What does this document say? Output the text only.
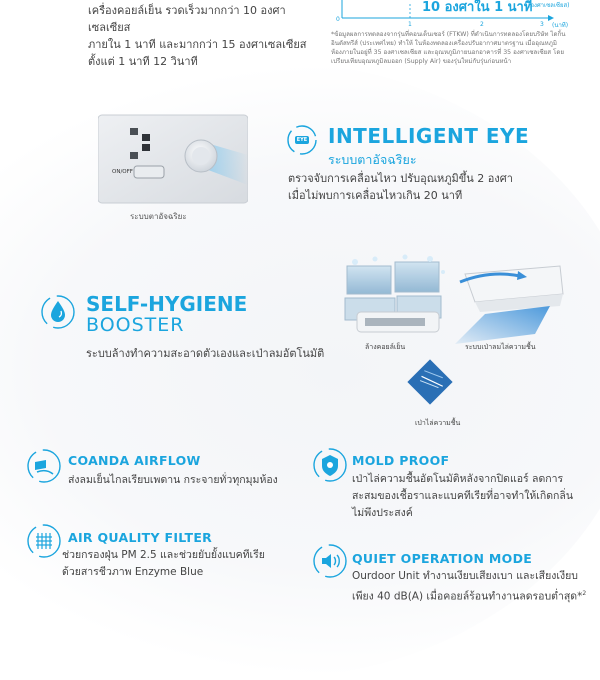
เครื่องคอยล์เย็น รวดเร็วมากกว่า 10 องศาเซลเซียส
ภายใน 1 นาที และมากกว่า 15 องศาเซลเซียส
ตั้งแต่ 1 นาที 12 วินาที
0
1	2	3
10 องศาใน 1 นาที
(องศาเซลเซียส)
(นาที)
*ข้อมูลผลการทดลองจากรุ่นที่คอนเด็นเซอร์ (FTKW) ที่ดำเนินการทดลองโดยบริษัท ไดกิ้น อินดัสทรีส์ (ประเทศไทย) ทำให้ ในห้องทดลองเครื่องปรับอากาศมาตรฐาน เมื่ออุณหภูมิห้องภายในอยู่ที่ 35 องศาเซลเซียส และอุณหภูมิภายนอกอาคารที่ 35 องศาเซลเซียส โดยเปรียบเทียบอุณหภูมิลมออก (Supply Air) ของรุ่นใหม่กับรุ่นก่อนหน้า
ON/OFF
ระบบตาอัจฉริยะ
EYE INTELLIGENT EYE
ระบบตาอัจฉริยะ
ตรวจจับการเคลื่อนไหว ปรับอุณหภูมิขึ้น 2 องศา
เมื่อไม่พบการเคลื่อนไหวเกิน 20 นาที
SELF-HYGIENE
BOOSTER
ระบบล้างทำความสะอาดตัวเองและเป่าลมอัตโนมัติ	ล้างคอยล์เย็น	ระบบเป่าลมไล่ความชื้น
เป่าไล่ความชื้น
COANDA AIRFLOW
ส่งลมเย็นไกลเรียบเพดาน กระจายทั่วทุกมุมห้อง
MOLD PROOF
เป่าไล่ความชื้นอัตโนมัติหลังจากปิดแอร์ ลดการ
สะสมของเชื้อราและแบคทีเรียที่อาจทำให้เกิดกลิ่น
ไม่พึงประสงค์
AIR QUALITY FILTER
ช่วยกรองฝุ่น PM 2.5 และช่วยยับยั้งแบคทีเรีย
ด้วยสารชีวภาพ Enzyme Blue
QUIET OPERATION MODE
Ourdoor Unit ทำงานเงียบเสียงเบา และเสียงเงียบ
เพียง 40 dB(A) เมื่อคอยล์ร้อนทำงานลดรอบต่ำสุด*$^2$
